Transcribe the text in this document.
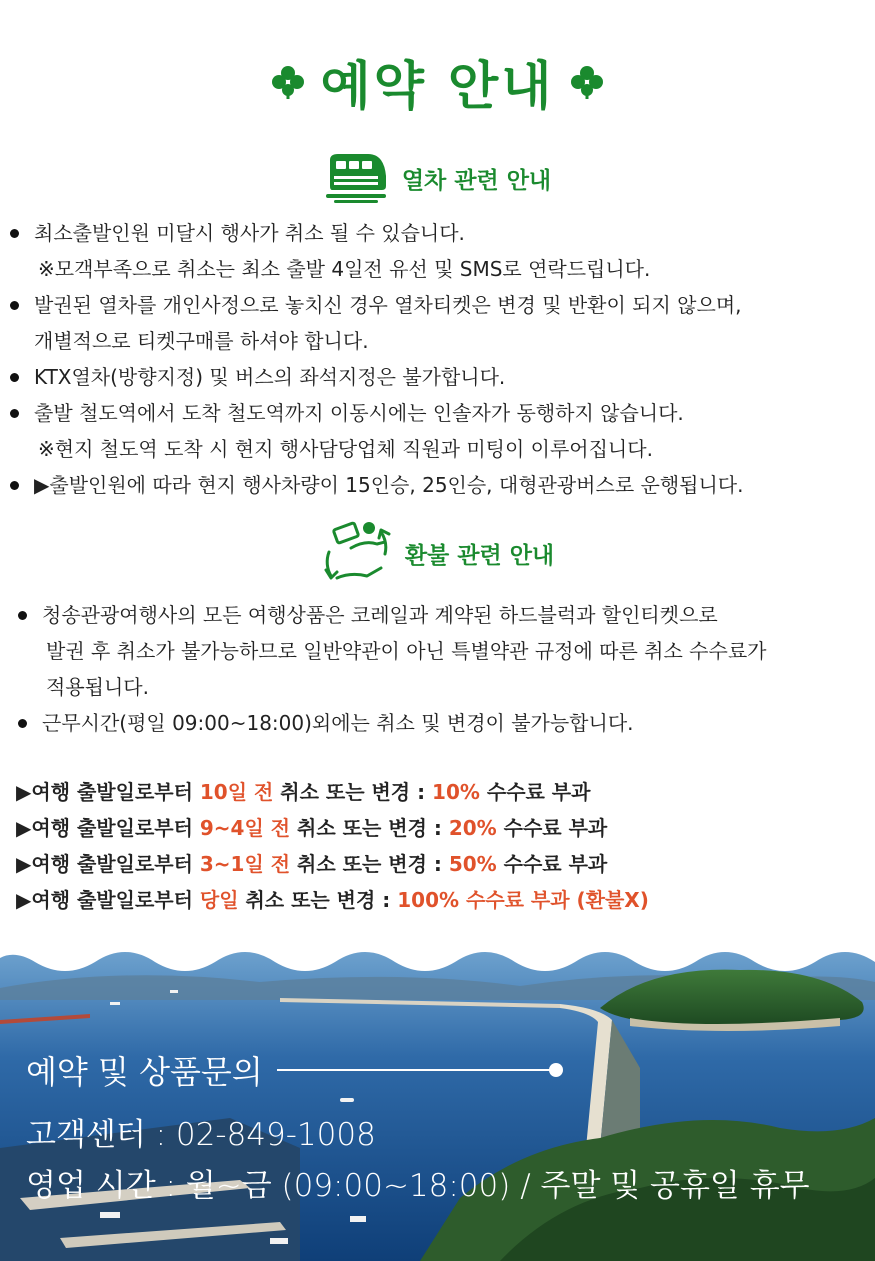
예약 안내
열차 관련 안내
최소출발인원 미달시 행사가 취소 될 수 있습니다.
※모객부족으로 취소는 최소 출발 4일전 유선 및 SMS로 연락드립니다.
발권된 열차를 개인사정으로 놓치신 경우 열차티켓은 변경 및 반환이 되지 않으며,
개별적으로 티켓구매를 하셔야 합니다.
KTX열차(방향지정) 및 버스의 좌석지정은 불가합니다.
출발 철도역에서 도착 철도역까지 이동시에는 인솔자가 동행하지 않습니다.
※현지 철도역 도착 시 현지 행사담당업체 직원과 미팅이 이루어집니다.
▶출발인원에 따라 현지 행사차량이 15인승, 25인승, 대형관광버스로 운행됩니다.
환불 관련 안내
청송관광여행사의 모든 여행상품은 코레일과 계약된 하드블럭과 할인티켓으로
발권 후 취소가 불가능하므로 일반약관이 아닌 특별약관 규정에 따른 취소 수수료가
적용됩니다.
근무시간(평일 09:00~18:00)외에는 취소 및 변경이 불가능합니다.
▶여행 출발일로부터 10일 전 취소 또는 변경 : 10% 수수료 부과
▶여행 출발일로부터 9~4일 전 취소 또는 변경 : 20% 수수료 부과
▶여행 출발일로부터 3~1일 전 취소 또는 변경 : 50% 수수료 부과
▶여행 출발일로부터 당일 취소 또는 변경 : 100% 수수료 부과 (환불X)
예약 및 상품문의
고객센터 : 02-849-1008
영업 시간 : 월~금 (09:00~18:00) / 주말 및 공휴일 휴무
